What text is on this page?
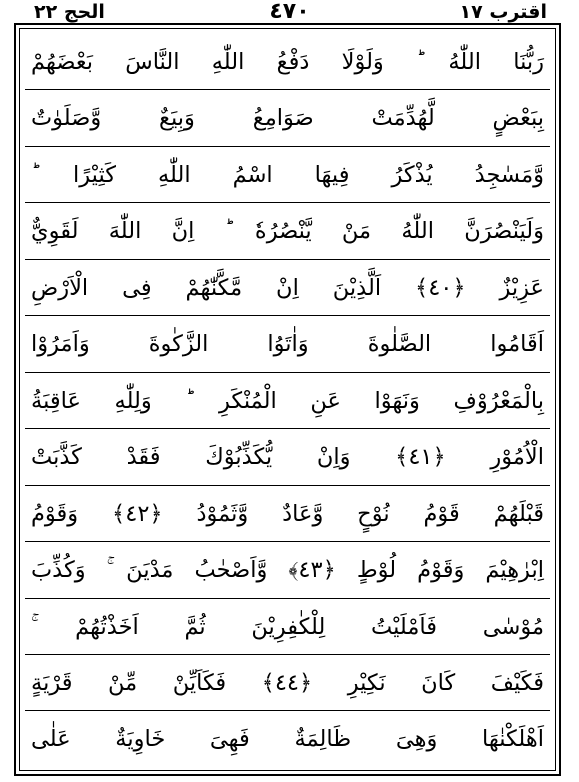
الحج ٢٢	٤٧٠	اقترب ١٧
رَبُّنَا اللّٰهُ ؕ وَلَوْلَا دَفْعُ اللّٰهِ النَّاسَ بَعْضَهُمْ
بِبَعْضٍ لَّهُدِّمَتْ صَوَامِعُ وَبِيَعٌ وَّصَلَوٰتٌ
وَّمَسٰجِدُ يُذْكَرُ فِيهَا اسْمُ اللّٰهِ كَثِيْرًا ؕ
وَلَيَنْصُرَنَّ اللّٰهُ مَنْ يَّنْصُرُهٗ ؕ اِنَّ اللّٰهَ لَقَوِيٌّ
عَزِيْزٌ ﴿٤٠﴾ اَلَّذِيْنَ اِنْ مَّكَّنّٰهُمْ فِى الْاَرْضِ
اَقَامُوا الصَّلٰوةَ وَاٰتَوُا الزَّكٰوةَ وَاَمَرُوْا
بِالْمَعْرُوْفِ وَنَهَوْا عَنِ الْمُنْكَرِ ؕ وَلِلّٰهِ عَاقِبَةُ
الْاُمُوْرِ ﴿٤١﴾ وَاِنْ يُّكَذِّبُوْكَ فَقَدْ كَذَّبَتْ
قَبْلَهُمْ قَوْمُ نُوْحٍ وَّعَادٌ وَّثَمُوْدُ ﴿٤٢﴾ وَقَوْمُ
اِبْرٰهِيْمَ وَقَوْمُ لُوْطٍ ﴿٤٣﴾ وَّاَصْحٰبُ مَدْيَنَ ۚ وَكُذِّبَ
مُوْسٰى فَاَمْلَيْتُ لِلْكٰفِرِيْنَ ثُمَّ اَخَذْتُهُمْ ۚ
فَكَيْفَ كَانَ نَكِيْرِ ﴿٤٤﴾ فَكَاَيِّنْ مِّنْ قَرْيَةٍ
اَهْلَكْنٰهَا وَهِىَ ظَالِمَةٌ فَهِىَ خَاوِيَةٌ عَلٰى
